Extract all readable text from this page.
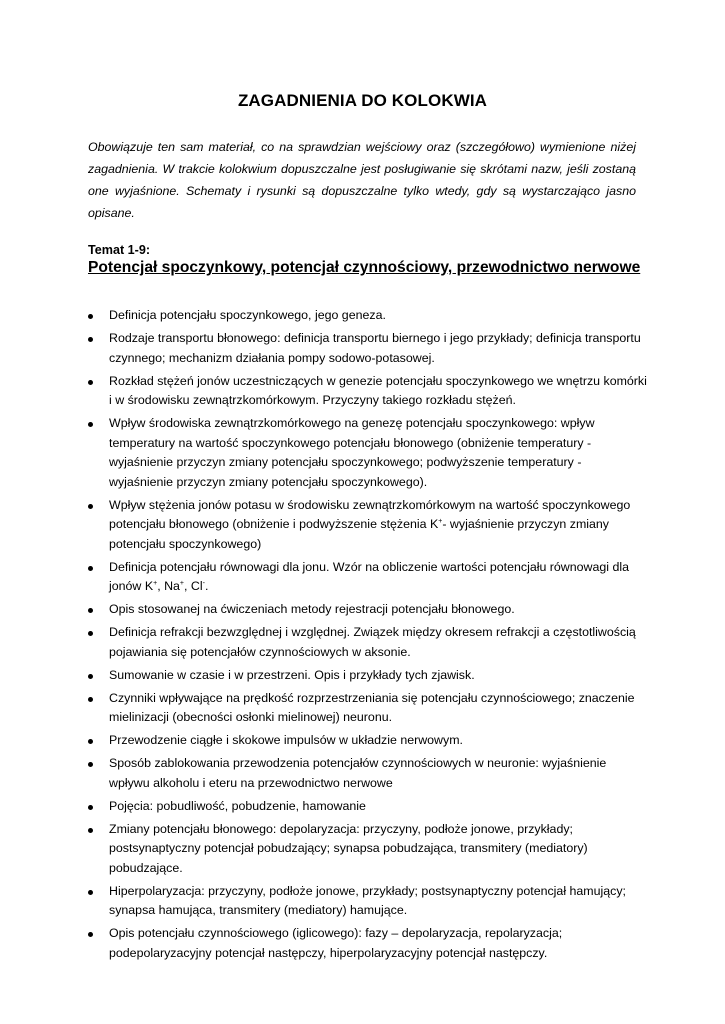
ZAGADNIENIA DO KOLOKWIA
Obowiązuje ten sam materiał, co na sprawdzian wejściowy oraz (szczegółowo) wymienione niżej zagadnienia. W trakcie kolokwium dopuszczalne jest posługiwanie się skrótami nazw, jeśli zostaną one wyjaśnione. Schematy i rysunki są dopuszczalne tylko wtedy, gdy są wystarczająco jasno opisane.
Temat 1-9:
Potencjał spoczynkowy, potencjał czynnościowy, przewodnictwo nerwowe
Definicja potencjału spoczynkowego, jego geneza.
Rodzaje transportu błonowego: definicja transportu biernego i jego przykłady; definicja transportu czynnego; mechanizm działania pompy sodowo-potasowej.
Rozkład stężeń jonów uczestniczących w genezie potencjału spoczynkowego we wnętrzu komórki i w środowisku zewnątrzkomórkowym. Przyczyny takiego rozkładu stężeń.
Wpływ środowiska zewnątrzkomórkowego na genezę potencjału spoczynkowego: wpływ temperatury na wartość spoczynkowego potencjału błonowego (obniżenie temperatury - wyjaśnienie przyczyn zmiany potencjału spoczynkowego; podwyższenie temperatury - wyjaśnienie przyczyn zmiany potencjału spoczynkowego).
Wpływ stężenia jonów potasu w środowisku zewnątrzkomórkowym na wartość spoczynkowego potencjału błonowego (obniżenie i podwyższenie stężenia K+- wyjaśnienie przyczyn zmiany potencjału spoczynkowego)
Definicja potencjału równowagi dla jonu. Wzór na obliczenie wartości potencjału równowagi dla jonów K+, Na+, Cl-.
Opis stosowanej na ćwiczeniach metody rejestracji potencjału błonowego.
Definicja refrakcji bezwzględnej i względnej. Związek między okresem refrakcji a częstotliwością pojawiania się potencjałów czynnościowych w aksonie.
Sumowanie w czasie i w przestrzeni. Opis i przykłady tych zjawisk.
Czynniki wpływające na prędkość rozprzestrzeniania się potencjału czynnościowego; znaczenie mielinizacji (obecności osłonki mielinowej) neuronu.
Przewodzenie ciągłe i skokowe impulsów w układzie nerwowym.
Sposób zablokowania przewodzenia potencjałów czynnościowych w neuronie: wyjaśnienie wpływu alkoholu i eteru na przewodnictwo nerwowe
Pojęcia: pobudliwość, pobudzenie, hamowanie
Zmiany potencjału błonowego: depolaryzacja: przyczyny, podłoże jonowe, przykłady; postsynaptyczny potencjał pobudzający; synapsa pobudzająca, transmitery (mediatory) pobudzające.
Hiperpolaryzacja: przyczyny, podłoże jonowe, przykłady; postsynaptyczny potencjał hamujący; synapsa hamująca, transmitery (mediatory) hamujące.
Opis potencjału czynnościowego (iglicowego): fazy – depolaryzacja, repolaryzacja; podepolaryzacyjny potencjał następczy, hiperpolaryzacyjny potencjał następczy.
